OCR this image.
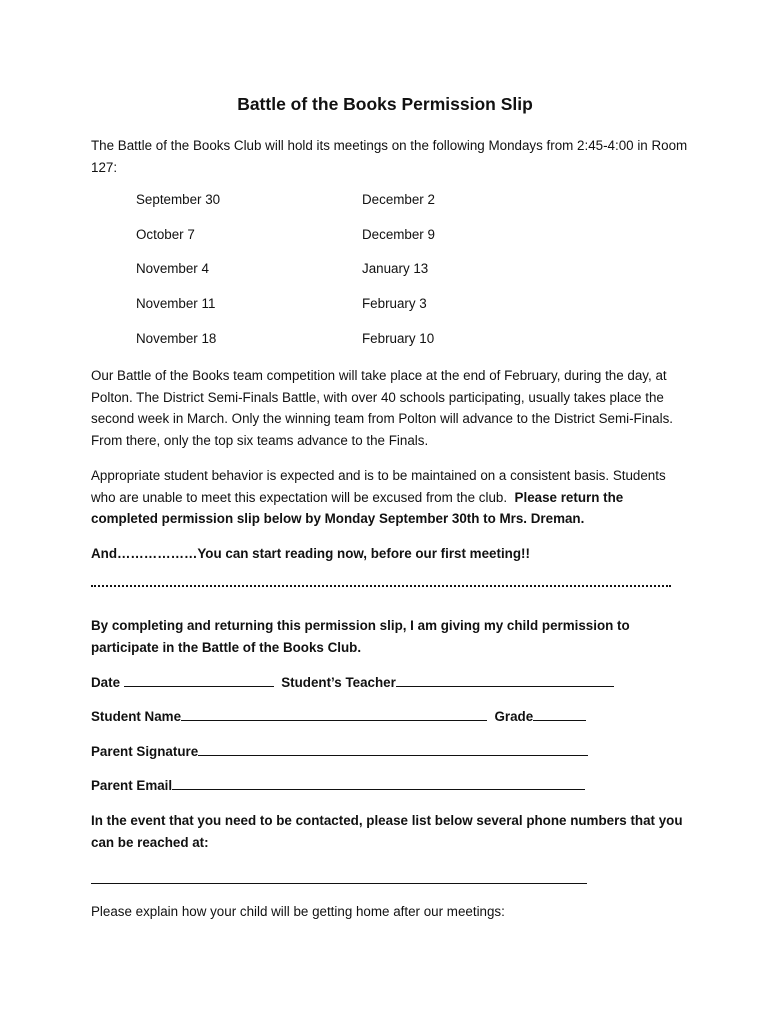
Battle of the Books Permission Slip

The Battle of the Books Club will hold its meetings on the following Mondays from 2:45-4:00 in Room 127:

September 30	December 2
October 7	December 9
November 4	January 13
November 11	February 3
November 18	February 10

Our Battle of the Books team competition will take place at the end of February, during the day, at Polton. The District Semi-Finals Battle, with over 40 schools participating, usually takes place the second week in March. Only the winning team from Polton will advance to the District Semi-Finals. From there, only the top six teams advance to the Finals.

Appropriate student behavior is expected and is to be maintained on a consistent basis. Students who are unable to meet this expectation will be excused from the club. Please return the completed permission slip below by Monday September 30th to Mrs. Dreman.

And………………You can start reading now, before our first meeting!!

By completing and returning this permission slip, I am giving my child permission to participate in the Battle of the Books Club.

Date	Student’s Teacher
Student Name	Grade
Parent Signature
Parent Email

In the event that you need to be contacted, please list below several phone numbers that you can be reached at:

Please explain how your child will be getting home after our meetings:
